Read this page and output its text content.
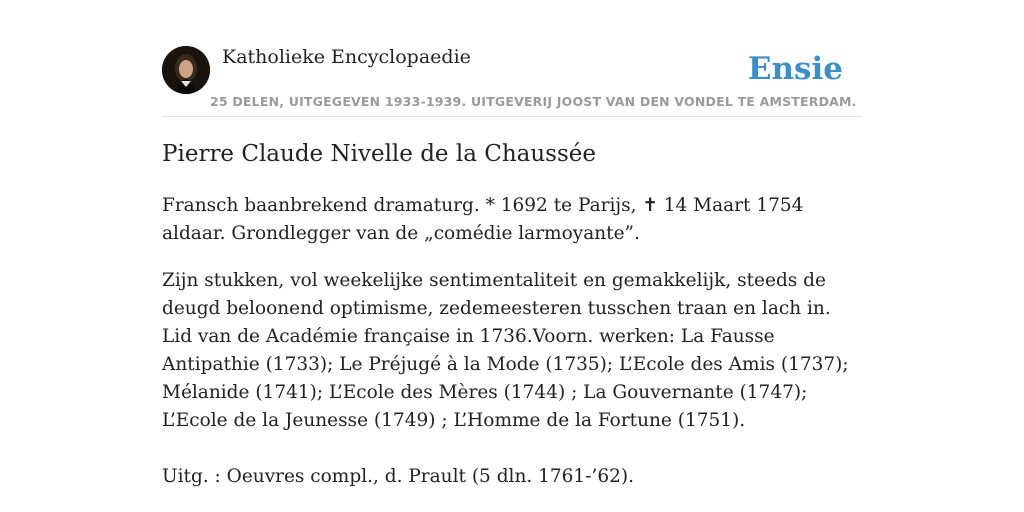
Katholieke Encyclopaedie	Ensie
25 DELEN, UITGEGEVEN 1933-1939. UITGEVERIJ JOOST VAN DEN VONDEL TE AMSTERDAM.
Pierre Claude Nivelle de la Chaussée

Fransch baanbrekend dramaturg. * 1692 te Parijs, ✝ 14 Maart 1754 aldaar. Grondlegger van de „comédie larmoyante”.

Zijn stukken, vol weekelijke sentimentaliteit en gemakkelijk, steeds de deugd beloonend optimisme, zedemeesteren tusschen traan en lach in. Lid van de Académie française in 1736.Voorn. werken: La Fausse Antipathie (1733); Le Préjugé à la Mode (1735); L’Ecole des Amis (1737); Mélanide (1741); L’Ecole des Mères (1744) ; La Gouvernante (1747); L’Ecole de la Jeunesse (1749) ; L’Homme de la Fortune (1751).

Uitg. : Oeuvres compl., d. Prault (5 dln. 1761-’62).
